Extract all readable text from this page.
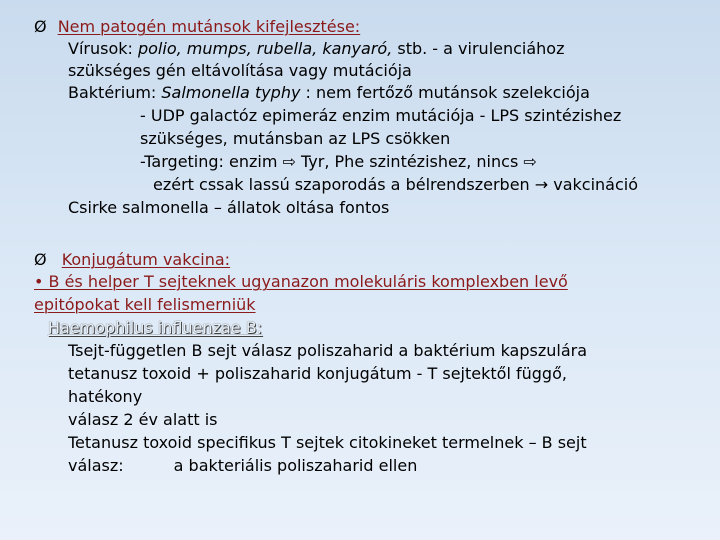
Ø Nem patogén mutánsok kifejlesztése:
Vírusok: polio, mumps, rubella, kanyaró, stb. - a virulenciához
szükséges gén eltávolítása vagy mutációja
Baktérium: Salmonella typhy : nem fertőző mutánsok szelekciója
- UDP galactóz epimeráz enzim mutációja - LPS szintézishez
szükséges, mutánsban az LPS csökken
-Targeting: enzim ⇨ Tyr, Phe szintézishez, nincs ⇨
ezért cssak lassú szaporodás a bélrendszerben → vakcináció
Csirke salmonella – állatok oltása fontos
Ø Konjugátum vakcina:
• B és helper T sejteknek ugyanazon molekuláris komplexben levő
epitópokat kell felismerniük
Haemophilus influenzae B:
Tsejt-független B sejt válasz poliszaharid a baktérium kapszulára
tetanusz toxoid + poliszaharid konjugátum - T sejtektől függő,
hatékony
válasz 2 év alatt is
Tetanusz toxoid specifikus T sejtek citokineket termelnek – B sejt
válasz:	a bakteriális poliszaharid ellen
